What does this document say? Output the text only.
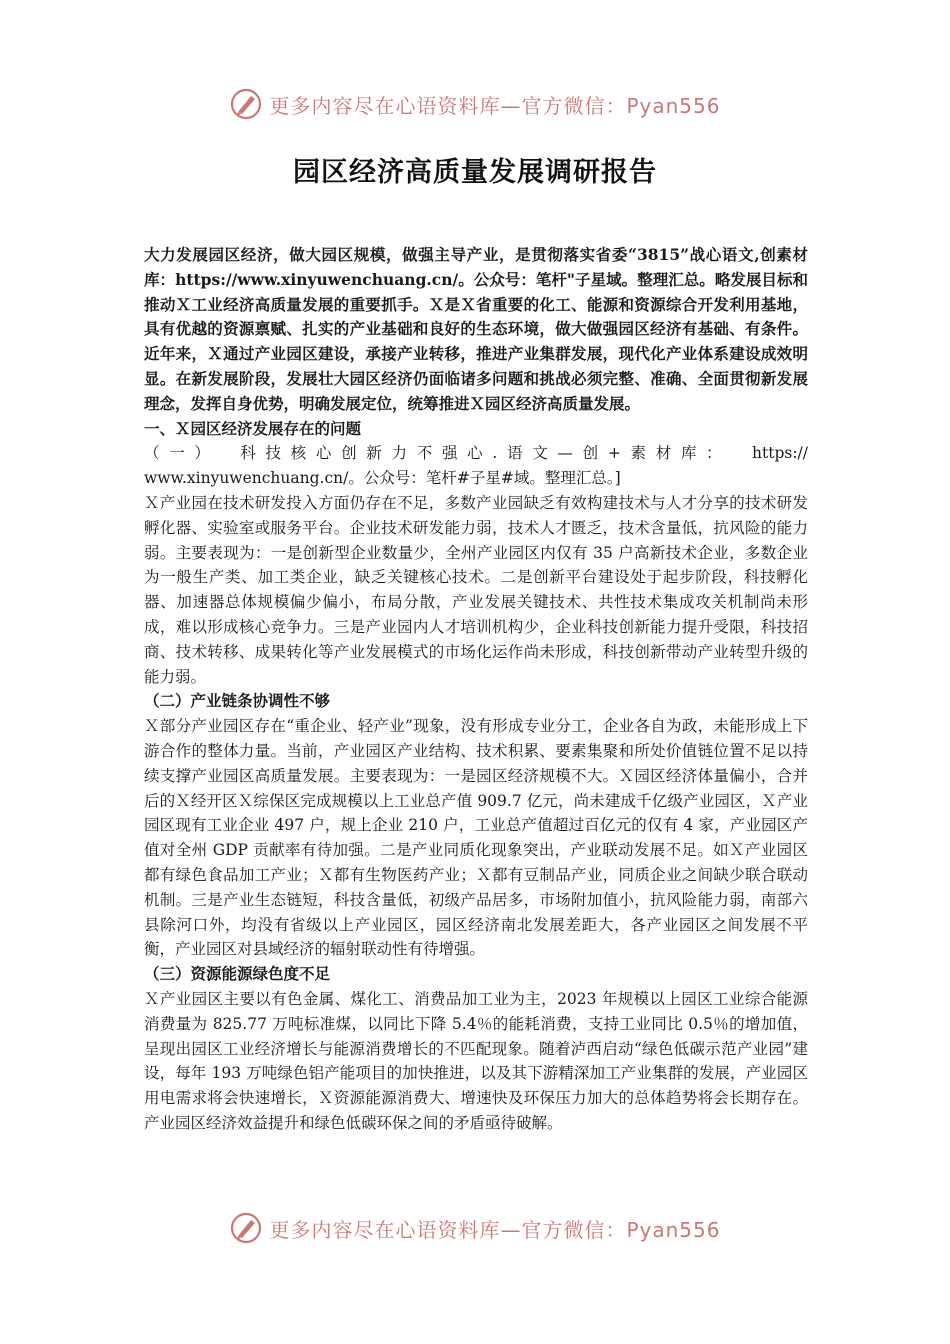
更多内容尽在心语资料库—官方微信：Pyan556
园区经济高质量发展调研报告

大力发展园区经济，做大园区规模，做强主导产业，是贯彻落实省委“3815”战心语文,创素材库：https://www.xinyuwenchuang.cn/。公众号：笔杆"子星域。整理汇总。略发展目标和推动Ｘ工业经济高质量发展的重要抓手。Ｘ是Ｘ省重要的化工、能源和资源综合开发利用基地，具有优越的资源禀赋、扎实的产业基础和良好的生态环境，做大做强园区经济有基础、有条件。近年来，Ｘ通过产业园区建设，承接产业转移，推进产业集群发展，现代化产业体系建设成效明显。在新发展阶段，发展壮大园区经济仍面临诸多问题和挑战必须完整、准确、全面贯彻新发展理念，发挥自身优势，明确发展定位，统筹推进Ｘ园区经济高质量发展。

一、Ｘ园区经济发展存在的问题

（一） 科技核心创新力不强心.语文—创+素材库： https://

www.xinyuwenchuang.cn/。公众号：笔杆#子星#域。整理汇总。]

Ｘ产业园在技术研发投入方面仍存在不足，多数产业园缺乏有效构建技术与人才分享的技术研发孵化器、实验室或服务平台。企业技术研发能力弱，技术人才匮乏，技术含量低，抗风险的能力弱。主要表现为：一是创新型企业数量少，全州产业园区内仅有 35 户高新技术企业，多数企业为一般生产类、加工类企业，缺乏关键核心技术。二是创新平台建设处于起步阶段，科技孵化器、加速器总体规模偏少偏小，布局分散，产业发展关键技术、共性技术集成攻关机制尚未形成，难以形成核心竞争力。三是产业园内人才培训机构少，企业科技创新能力提升受限，科技招商、技术转移、成果转化等产业发展模式的市场化运作尚未形成，科技创新带动产业转型升级的能力弱。

（二）产业链条协调性不够

Ｘ部分产业园区存在“重企业、轻产业”现象，没有形成专业分工，企业各自为政，未能形成上下游合作的整体力量。当前，产业园区产业结构、技术积累、要素集聚和所处价值链位置不足以持续支撑产业园区高质量发展。主要表现为：一是园区经济规模不大。Ｘ园区经济体量偏小，合并后的Ｘ经开区Ｘ综保区完成规模以上工业总产值 909.7 亿元，尚未建成千亿级产业园区，Ｘ产业园区现有工业企业 497 户，规上企业 210 户，工业总产值超过百亿元的仅有 4 家，产业园区产值对全州 GDP 贡献率有待加强。二是产业同质化现象突出，产业联动发展不足。如Ｘ产业园区都有绿色食品加工产业；Ｘ都有生物医药产业；Ｘ都有豆制品产业，同质企业之间缺少联合联动机制。三是产业生态链短，科技含量低，初级产品居多，市场附加值小，抗风险能力弱，南部六县除河口外，均没有省级以上产业园区，园区经济南北发展差距大，各产业园区之间发展不平衡，产业园区对县域经济的辐射联动性有待增强。

（三）资源能源绿色度不足

Ｘ产业园区主要以有色金属、煤化工、消费品加工业为主，2023 年规模以上园区工业综合能源消费量为 825.77 万吨标准煤，以同比下降 5.4％的能耗消费，支持工业同比 0.5％的增加值，呈现出园区工业经济增长与能源消费增长的不匹配现象。随着泸西启动“绿色低碳示范产业园”建设，每年 193 万吨绿色铝产能项目的加快推进，以及其下游精深加工产业集群的发展，产业园区用电需求将会快速增长，Ｘ资源能源消费大、增速快及环保压力加大的总体趋势将会长期存在。产业园区经济效益提升和绿色低碳环保之间的矛盾亟待破解。

更多内容尽在心语资料库—官方微信：Pyan556
